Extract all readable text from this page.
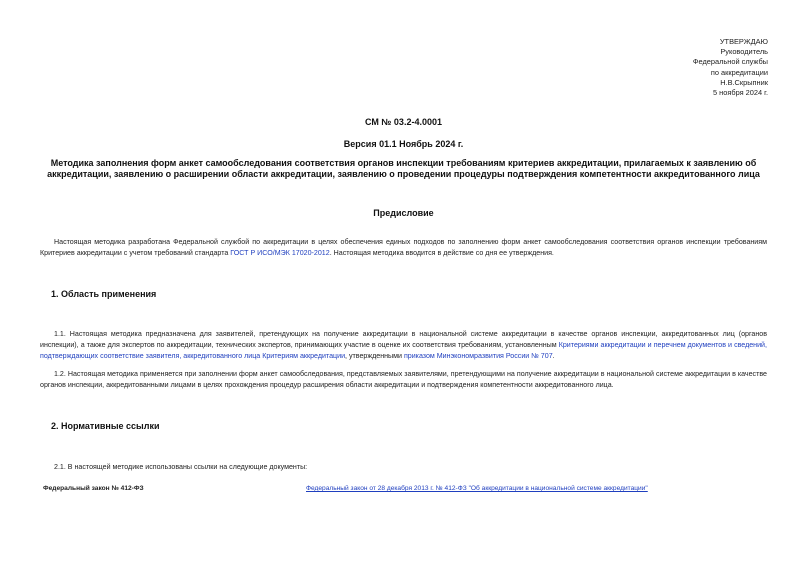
УТВЕРЖДАЮ
Руководитель
Федеральной службы
по аккредитации
Н.В.Скрыпник
5 ноября 2024 г.
СМ № 03.2-4.0001
Версия 01.1 Ноябрь 2024 г.
Методика заполнения форм анкет самообследования соответствия органов инспекции требованиям критериев аккредитации, прилагаемых к заявлению об аккредитации, заявлению о расширении области аккредитации, заявлению о проведении процедуры подтверждения компетентности аккредитованного лица
Предисловие
Настоящая методика разработана Федеральной службой по аккредитации в целях обеспечения единых подходов по заполнению форм анкет самообследования соответствия органов инспекции требованиям Критериев аккредитации с учетом требований стандарта ГОСТ Р ИСО/МЭК 17020-2012. Настоящая методика вводится в действие со дня ее утверждения.
1. Область применения
1.1. Настоящая методика предназначена для заявителей, претендующих на получение аккредитации в национальной системе аккредитации в качестве органов инспекции, аккредитованных лиц (органов инспекции), а также для экспертов по аккредитации, технических экспертов, принимающих участие в оценке их соответствия требованиям, установленным Критериями аккредитации и перечнем документов и сведений, подтверждающих соответствие заявителя, аккредитованного лица Критериям аккредитации, утвержденными приказом Минэкономразвития России № 707.
1.2. Настоящая методика применяется при заполнении форм анкет самообследования, представляемых заявителями, претендующими на получение аккредитации в национальной системе аккредитации в качестве органов инспекции, аккредитованными лицами в целях прохождения процедур расширения области аккредитации и подтверждения компетентности аккредитованного лица.
2. Нормативные ссылки
2.1. В настоящей методике использованы ссылки на следующие документы:
Федеральный закон № 412-ФЗ	Федеральный закон от 28 декабря 2013 г. № 412-ФЗ "Об аккредитации в национальной системе аккредитации"
